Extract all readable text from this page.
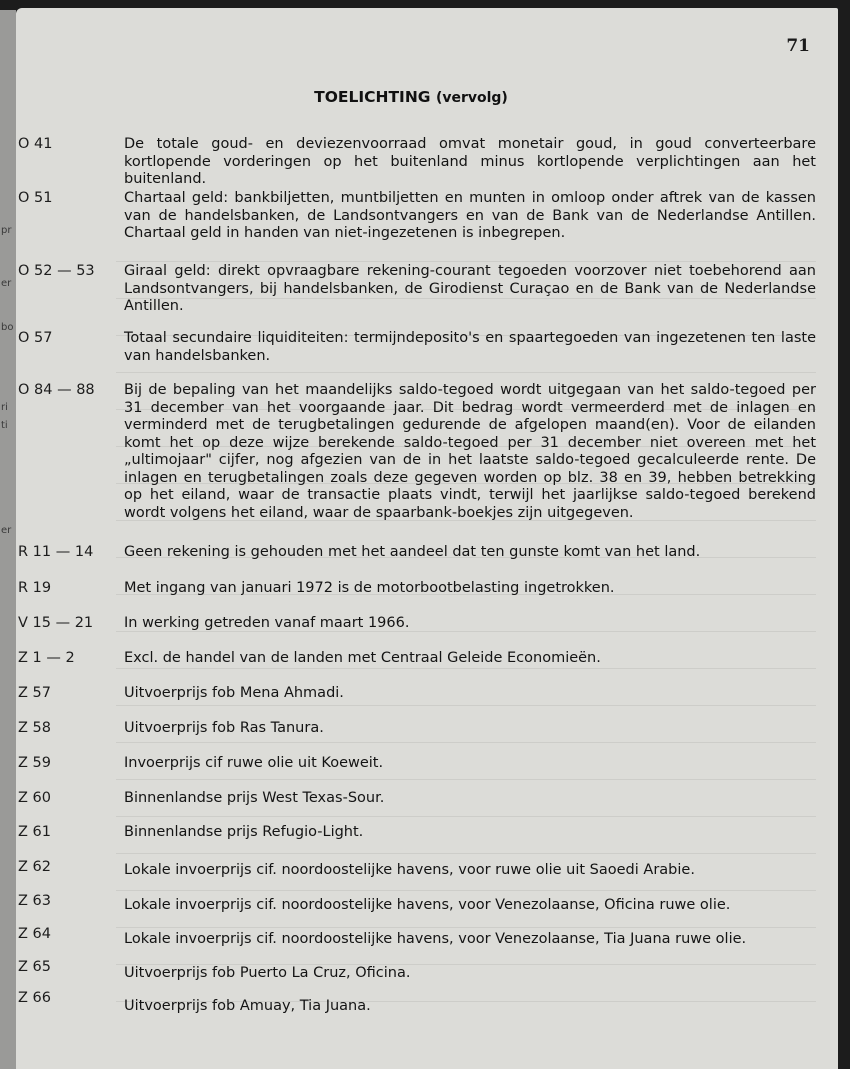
pr
er
bo
ri
ti
er
71
TOELICHTING (vervolg)
O 41	De totale goud- en deviezenvoorraad omvat monetair goud, in goud converteerbare kortlopende vorderingen op het buitenland minus kortlopende verplichtingen aan het buitenland.
O 51	Chartaal geld: bankbiljetten, muntbiljetten en munten in omloop onder aftrek van de kassen van de handelsbanken, de Landsontvangers en van de Bank van de Nederlandse Antillen. Chartaal geld in handen van niet-ingezetenen is inbegrepen.
O 52 — 53 Giraal geld: direkt opvraagbare rekening-courant tegoeden voorzover niet toebehorend aan Landsontvangers, bij handelsbanken, de Girodienst Curaçao en de Bank van de Nederlandse Antillen.
O 57	Totaal secundaire liquiditeiten: termijndeposito's en spaartegoeden van ingezetenen ten laste van handelsbanken.
O 84 — 88 Bij de bepaling van het maandelijks saldo-tegoed wordt uitgegaan van het saldo-tegoed per 31 december van het voorgaande jaar. Dit bedrag wordt vermeerderd met de inlagen en verminderd met de terugbetalingen gedurende de afgelopen maand(en). Voor de eilanden komt het op deze wijze berekende saldo-tegoed per 31 december niet overeen met het „ultimojaar" cijfer, nog afgezien van de in het laatste saldo-tegoed gecalculeerde rente. De inlagen en terugbetalingen zoals deze gegeven worden op blz. 38 en 39, hebben betrekking op het eiland, waar de transactie plaats vindt, terwijl het jaarlijkse saldo-tegoed berekend wordt volgens het eiland, waar de spaarbank-boekjes zijn uitgegeven.
R 11 — 14 Geen rekening is gehouden met het aandeel dat ten gunste komt van het land.
R 19	Met ingang van januari 1972 is de motorbootbelasting ingetrokken.
V 15 — 21 In werking getreden vanaf maart 1966.
Z 1 — 2	Excl. de handel van de landen met Centraal Geleide Economieën.
Z 57	Uitvoerprijs fob Mena Ahmadi.
Z 58	Uitvoerprijs fob Ras Tanura.
Z 59	Invoerprijs cif ruwe olie uit Koeweit.
Z 60	Binnenlandse prijs West Texas-Sour.
Z 61	Binnenlandse prijs Refugio-Light.
Z 62	Lokale invoerprijs cif. noordoostelijke havens, voor ruwe olie uit Saoedi Arabie.
Z 63	Lokale invoerprijs cif. noordoostelijke havens, voor Venezolaanse, Oficina ruwe olie.
Z 64	Lokale invoerprijs cif. noordoostelijke havens, voor Venezolaanse, Tia Juana ruwe olie.
Z 65	Uitvoerprijs fob Puerto La Cruz, Oficina.
Z 66	Uitvoerprijs fob Amuay, Tia Juana.
